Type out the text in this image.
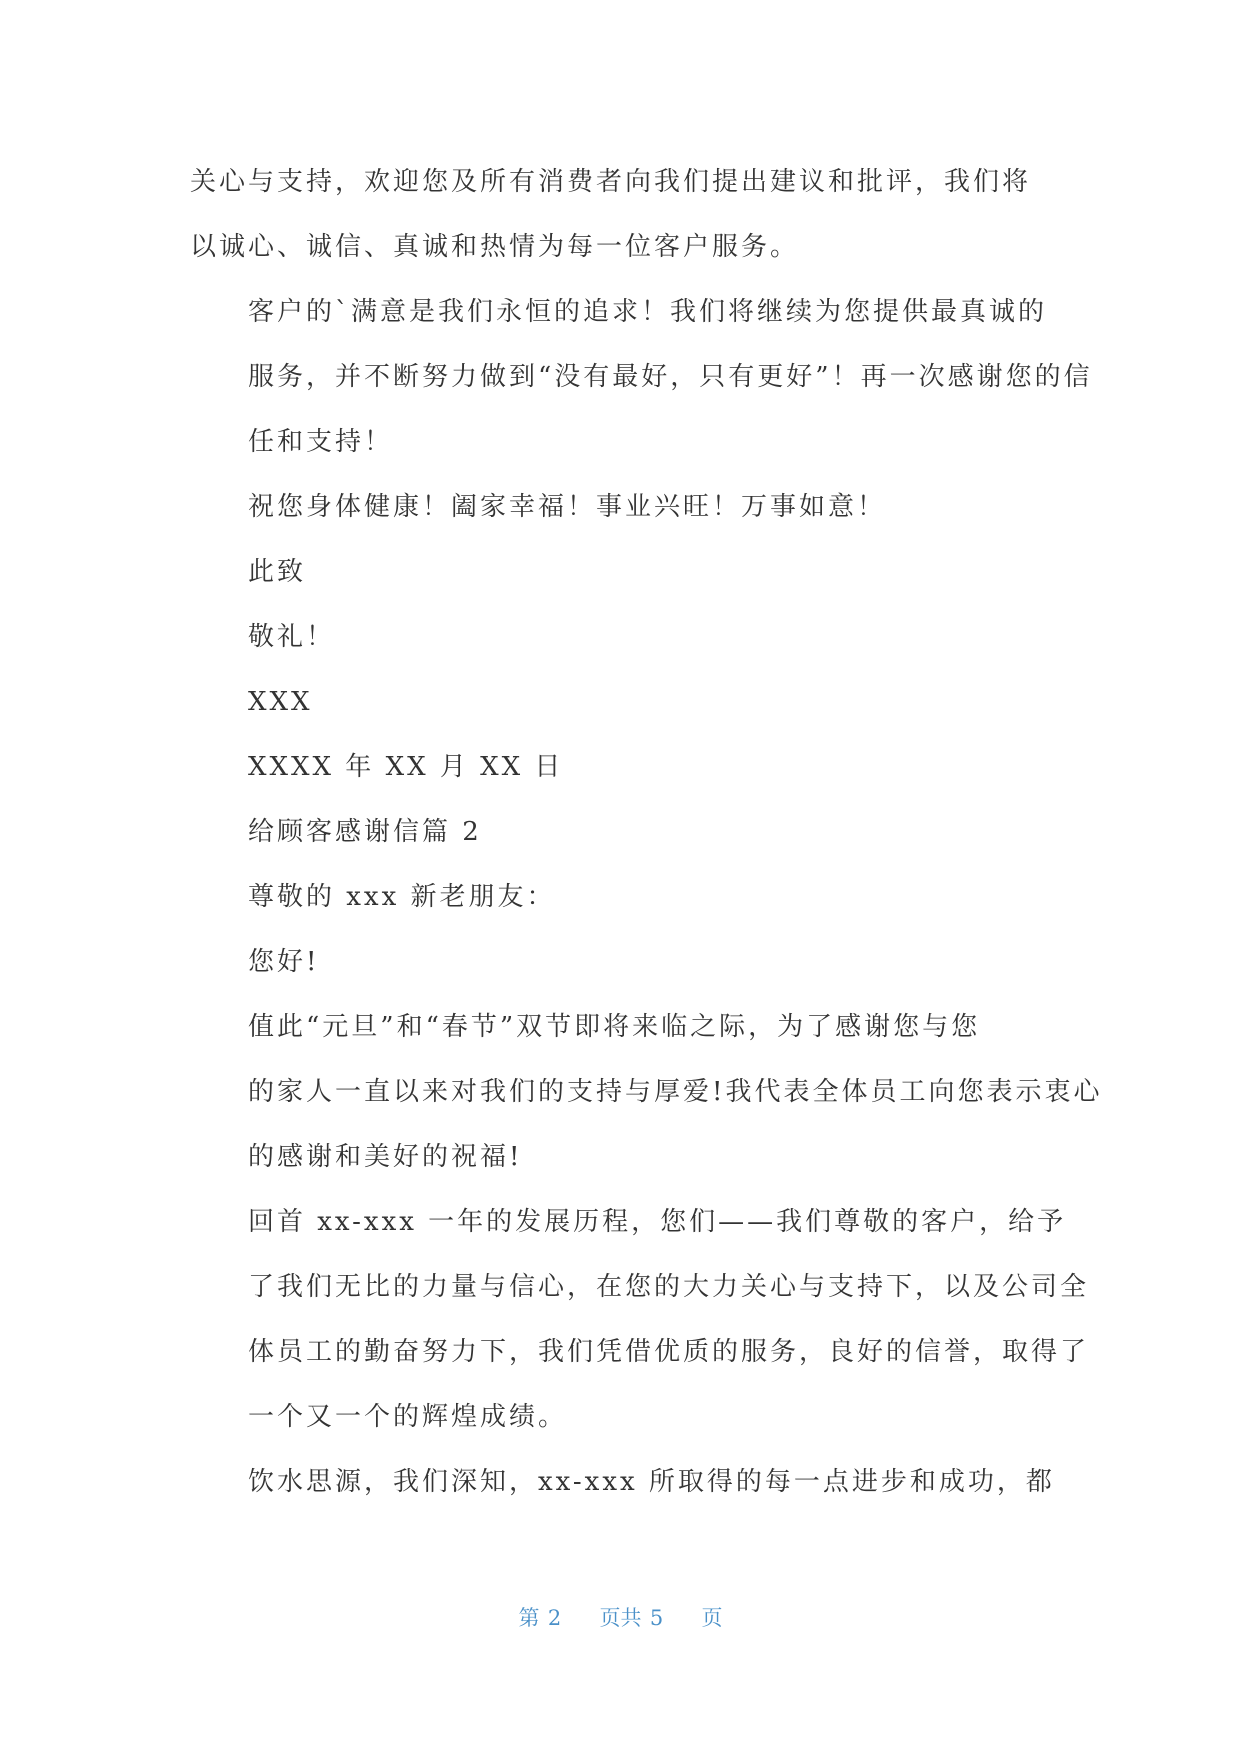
关心与支持，欢迎您及所有消费者向我们提出建议和批评，我们将
以诚心、诚信、真诚和热情为每一位客户服务。

客户的`满意是我们永恒的追求！我们将继续为您提供最真诚的
服务，并不断努力做到“没有最好，只有更好”！再一次感谢您的信
任和支持！

祝您身体健康！阖家幸福！事业兴旺！万事如意！

此致

敬礼！

XXX

XXXX 年 XX 月 XX 日

给顾客感谢信篇 2

尊敬的 xxx 新老朋友：

您好!

值此“元旦”和“春节”双节即将来临之际，为了感谢您与您
的家人一直以来对我们的支持与厚爱!我代表全体员工向您表示衷心
的感谢和美好的祝福!

回首 xx-xxx 一年的发展历程，您们——我们尊敬的客户，给予
了我们无比的力量与信心，在您的大力关心与支持下，以及公司全
体员工的勤奋努力下，我们凭借优质的服务，良好的信誉，取得了
一个又一个的辉煌成绩。

饮水思源，我们深知，xx-xxx 所取得的每一点进步和成功，都

第 2 页共 5 页
